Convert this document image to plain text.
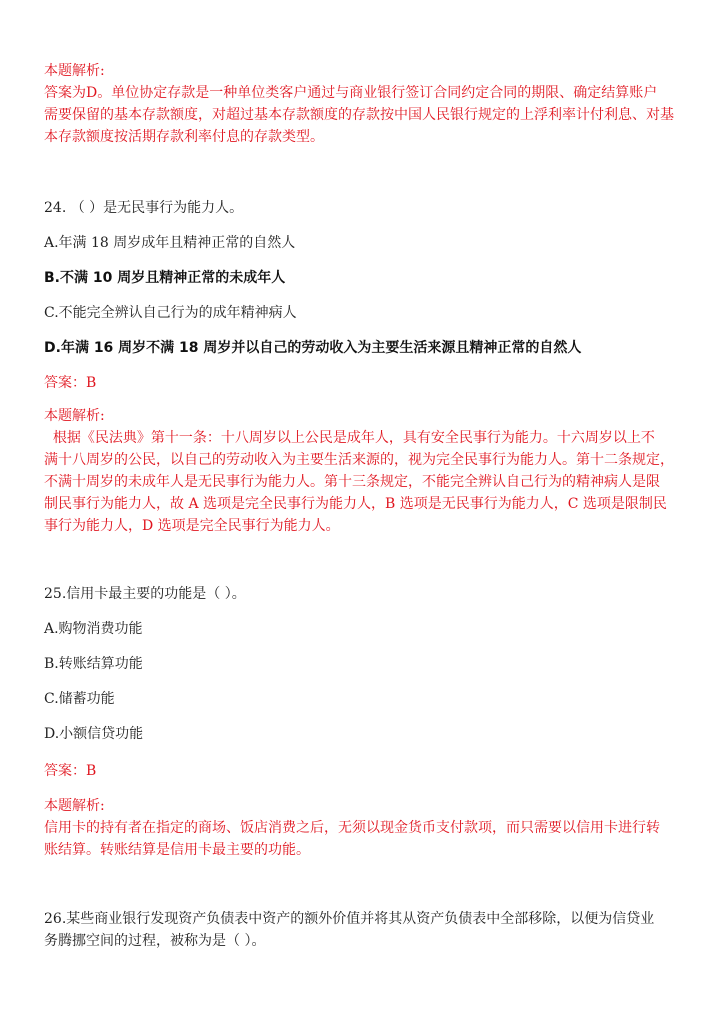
本题解析:

答案为D。单位协定存款是一种单位类客户通过与商业银行签订合同约定合同的期限、确定结算账户

需要保留的基本存款额度，对超过基本存款额度的存款按中国人民银行规定的上浮利率计付利息、对基

本存款额度按活期存款利率付息的存款类型。

24. （ ）是无民事行为能力人。

A.年满 18 周岁成年且精神正常的自然人

B.不满 10 周岁且精神正常的未成年人

C.不能完全辨认自己行为的成年精神病人

D.年满 16 周岁不满 18 周岁并以自己的劳动收入为主要生活来源且精神正常的自然人

答案：B

本题解析:

根据《民法典》第十一条：十八周岁以上公民是成年人，具有安全民事行为能力。十六周岁以上不

满十八周岁的公民，以自己的劳动收入为主要生活来源的，视为完全民事行为能力人。第十二条规定，

不满十周岁的未成年人是无民事行为能力人。第十三条规定，不能完全辨认自己行为的精神病人是限

制民事行为能力人，故 A 选项是完全民事行为能力人，B 选项是无民事行为能力人，C 选项是限制民

事行为能力人，D 选项是完全民事行为能力人。

25.信用卡最主要的功能是（ ）。

A.购物消费功能

B.转账结算功能

C.储蓄功能

D.小额信贷功能

答案：B

本题解析:

信用卡的持有者在指定的商场、饭店消费之后，无须以现金货币支付款项，而只需要以信用卡进行转

账结算。转账结算是信用卡最主要的功能。

26.某些商业银行发现资产负债表中资产的额外价值并将其从资产负债表中全部移除，以便为信贷业

务腾挪空间的过程，被称为是（ ）。
